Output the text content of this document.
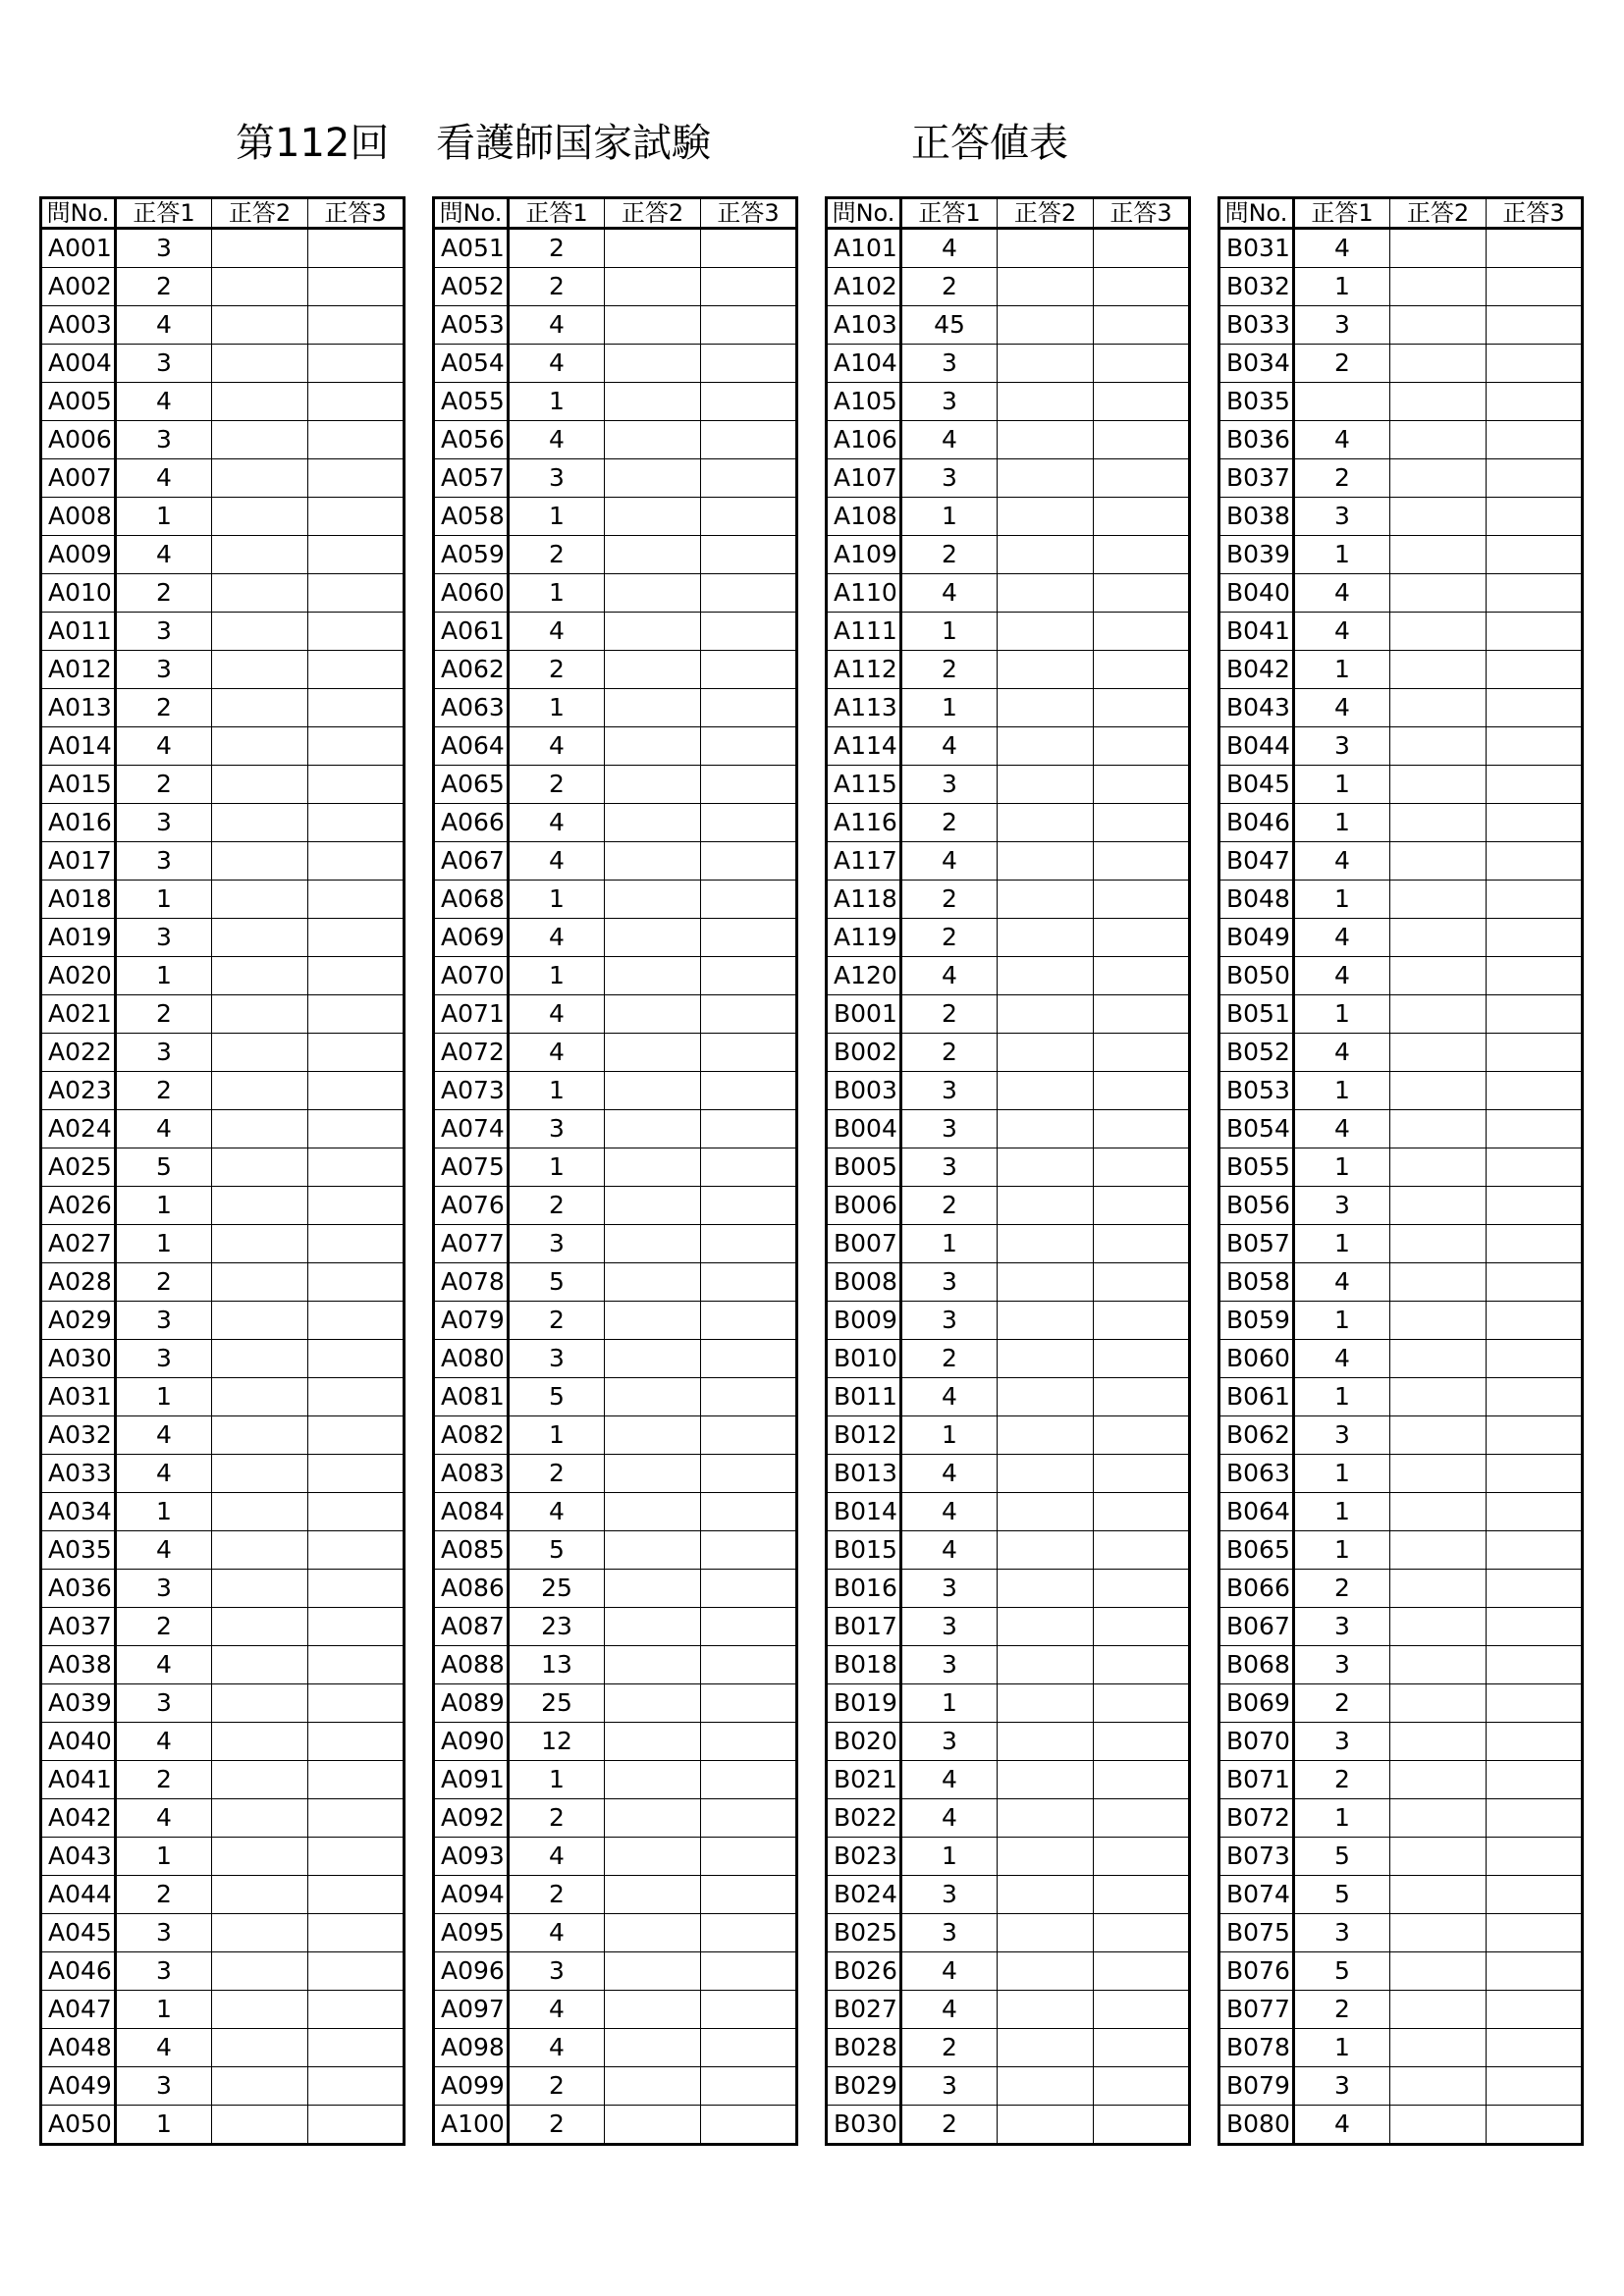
第112回 看護師国家試験	正答値表
問No.	正答1	正答2	正答3
A001	3		
A002	2		
A003	4		
A004	3		
A005	4		
A006	3		
A007	4		
A008	1		
A009	4		
A010	2		
A011	3		
A012	3		
A013	2		
A014	4		
A015	2		
A016	3		
A017	3		
A018	1		
A019	3		
A020	1		
A021	2		
A022	3		
A023	2		
A024	4		
A025	5		
A026	1		
A027	1		
A028	2		
A029	3		
A030	3		
A031	1		
A032	4		
A033	4		
A034	1		
A035	4		
A036	3		
A037	2		
A038	4		
A039	3		
A040	4		
A041	2		
A042	4		
A043	1		
A044	2		
A045	3		
A046	3		
A047	1		
A048	4		
A049	3		
A050	1		
問No.	正答1	正答2	正答3
A051	2		
A052	2		
A053	4		
A054	4		
A055	1		
A056	4		
A057	3		
A058	1		
A059	2		
A060	1		
A061	4		
A062	2		
A063	1		
A064	4		
A065	2		
A066	4		
A067	4		
A068	1		
A069	4		
A070	1		
A071	4		
A072	4		
A073	1		
A074	3		
A075	1		
A076	2		
A077	3		
A078	5		
A079	2		
A080	3		
A081	5		
A082	1		
A083	2		
A084	4		
A085	5		
A086	25		
A087	23		
A088	13		
A089	25		
A090	12		
A091	1		
A092	2		
A093	4		
A094	2		
A095	4		
A096	3		
A097	4		
A098	4		
A099	2		
A100	2		
問No.	正答1	正答2	正答3
A101	4		
A102	2		
A103	45		
A104	3		
A105	3		
A106	4		
A107	3		
A108	1		
A109	2		
A110	4		
A111	1		
A112	2		
A113	1		
A114	4		
A115	3		
A116	2		
A117	4		
A118	2		
A119	2		
A120	4		
B001	2		
B002	2		
B003	3		
B004	3		
B005	3		
B006	2		
B007	1		
B008	3		
B009	3		
B010	2		
B011	4		
B012	1		
B013	4		
B014	4		
B015	4		
B016	3		
B017	3		
B018	3		
B019	1		
B020	3		
B021	4		
B022	4		
B023	1		
B024	3		
B025	3		
B026	4		
B027	4		
B028	2		
B029	3		
B030	2		
問No.	正答1	正答2	正答3
B031	4		
B032	1		
B033	3		
B034	2		
B035			
B036	4		
B037	2		
B038	3		
B039	1		
B040	4		
B041	4		
B042	1		
B043	4		
B044	3		
B045	1		
B046	1		
B047	4		
B048	1		
B049	4		
B050	4		
B051	1		
B052	4		
B053	1		
B054	4		
B055	1		
B056	3		
B057	1		
B058	4		
B059	1		
B060	4		
B061	1		
B062	3		
B063	1		
B064	1		
B065	1		
B066	2		
B067	3		
B068	3		
B069	2		
B070	3		
B071	2		
B072	1		
B073	5		
B074	5		
B075	3		
B076	5		
B077	2		
B078	1		
B079	3		
B080	4		
